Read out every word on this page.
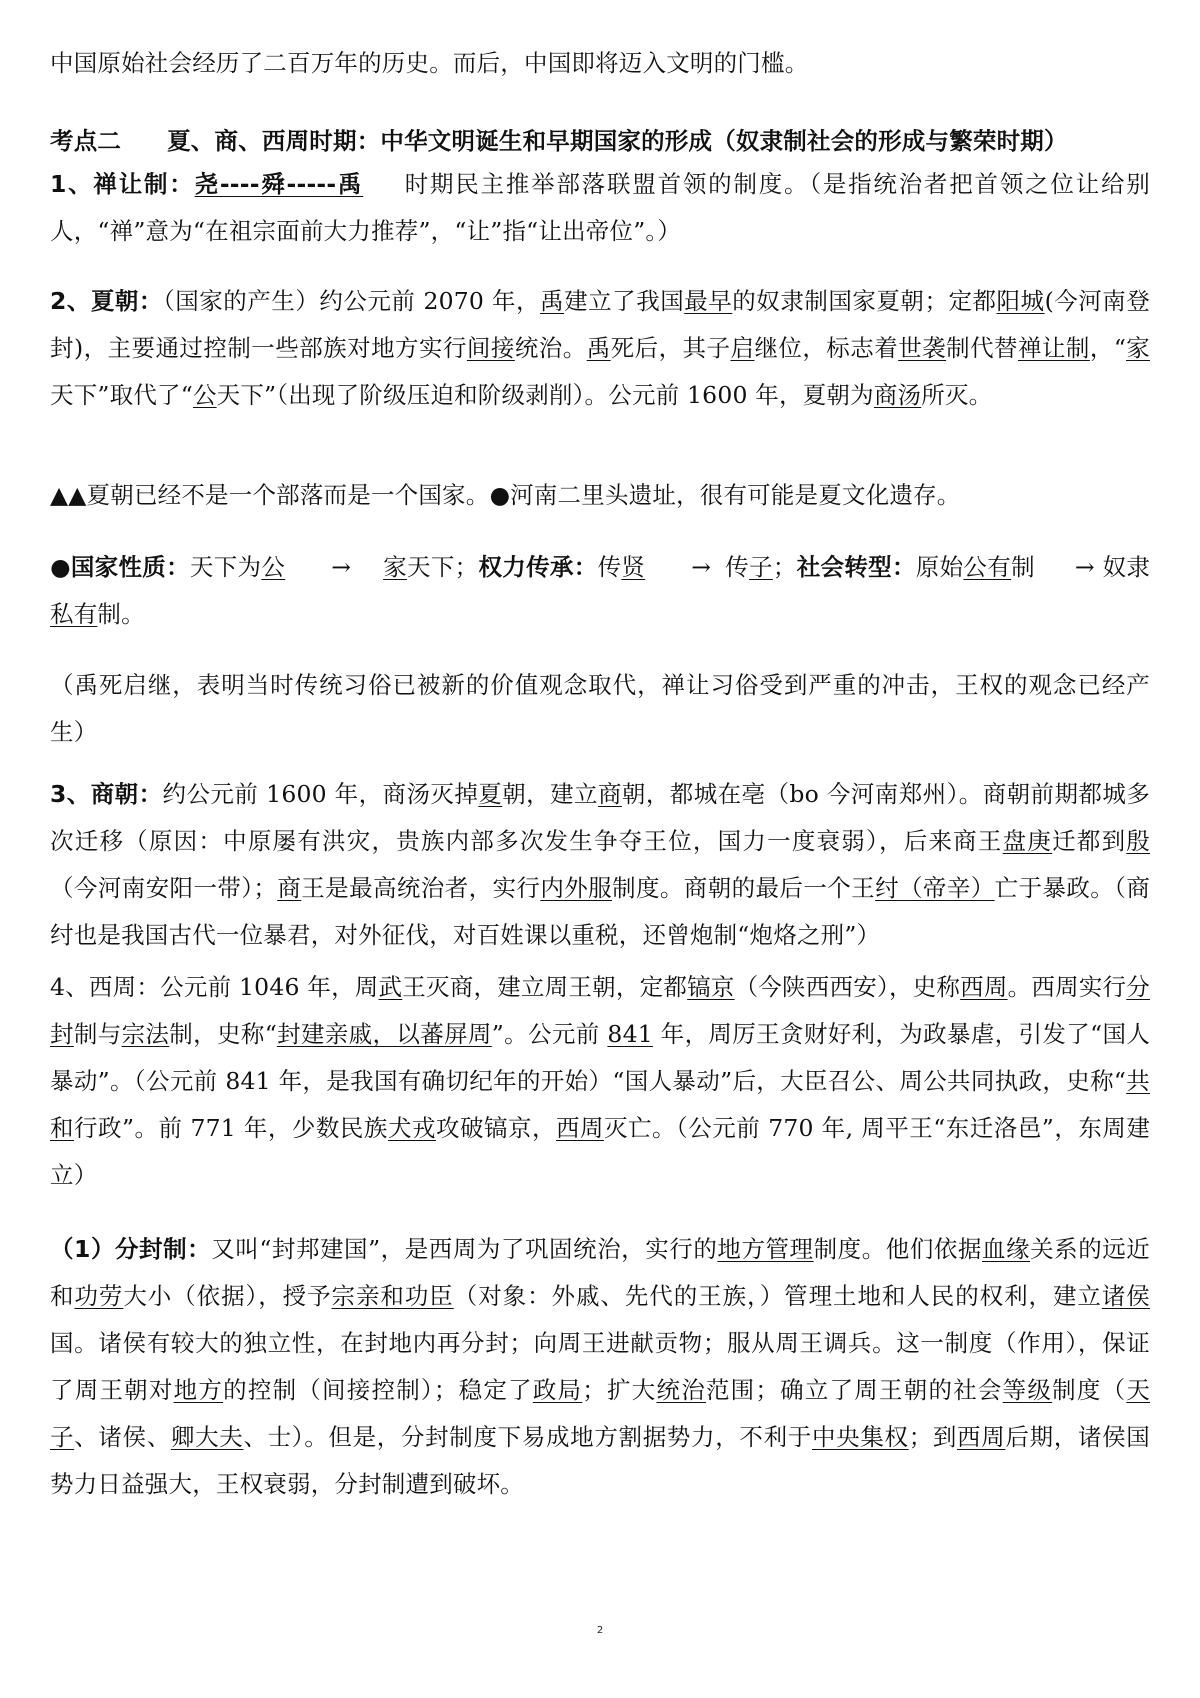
中国原始社会经历了二百万年的历史。而后，中国即将迈入文明的门槛。

考点二 夏、商、西周时期：中华文明诞生和早期国家的形成（奴隶制社会的形成与繁荣时期）

1、禅让制：尧----舜-----禹 时期民主推举部落联盟首领的制度。（是指统治者把首领之位让给别人，“禅”意为“在祖宗面前大力推荐”，“让”指“让出帝位”。）

2、夏朝：（国家的产生）约公元前 2070 年，禹建立了我国最早的奴隶制国家夏朝；定都阳城(今河南登封)，主要通过控制一些部族对地方实行间接统治。禹死后，其子启继位，标志着世袭制代替禅让制，“家天下”取代了“公天下”（出现了阶级压迫和阶级剥削）。公元前 1600 年，夏朝为商汤所灭。

▲▲夏朝已经不是一个部落而是一个国家。●河南二里头遗址，很有可能是夏文化遗存。

●国家性质：天下为公 → 家天下；权力传承：传贤 → 传子；社会转型：原始公有制 → 奴隶私有制。

（禹死启继，表明当时传统习俗已被新的价值观念取代，禅让习俗受到严重的冲击，王权的观念已经产生）

3、商朝：约公元前 1600 年，商汤灭掉夏朝，建立商朝，都城在亳（bo 今河南郑州）。商朝前期都城多次迁移（原因：中原屡有洪灾，贵族内部多次发生争夺王位，国力一度衰弱），后来商王盘庚迁都到殷（今河南安阳一带）；商王是最高统治者，实行内外服制度。商朝的最后一个王纣（帝辛）亡于暴政。（商纣也是我国古代一位暴君，对外征伐，对百姓课以重税，还曾炮制“炮烙之刑”）

4、西周：公元前 1046 年，周武王灭商，建立周王朝，定都镐京（今陕西西安），史称西周。西周实行分封制与宗法制，史称“封建亲戚，以蕃屏周”。公元前 841 年，周厉王贪财好利，为政暴虐，引发了“国人暴动”。（公元前 841 年，是我国有确切纪年的开始）“国人暴动”后，大臣召公、周公共同执政，史称“共和行政”。前 771 年，少数民族犬戎攻破镐京，西周灭亡。（公元前 770 年, 周平王“东迁洛邑”，东周建立）

（1）分封制：又叫“封邦建国”，是西周为了巩固统治，实行的地方管理制度。他们依据血缘关系的远近和功劳大小（依据），授予宗亲和功臣（对象：外戚、先代的王族，）管理土地和人民的权利，建立诸侯国。诸侯有较大的独立性，在封地内再分封；向周王进献贡物；服从周王调兵。这一制度（作用），保证了周王朝对地方的控制（间接控制）；稳定了政局；扩大统治范围；确立了周王朝的社会等级制度（天子、诸侯、卿大夫、士）。但是，分封制度下易成地方割据势力，不利于中央集权；到西周后期，诸侯国势力日益强大，王权衰弱，分封制遭到破坏。

2
